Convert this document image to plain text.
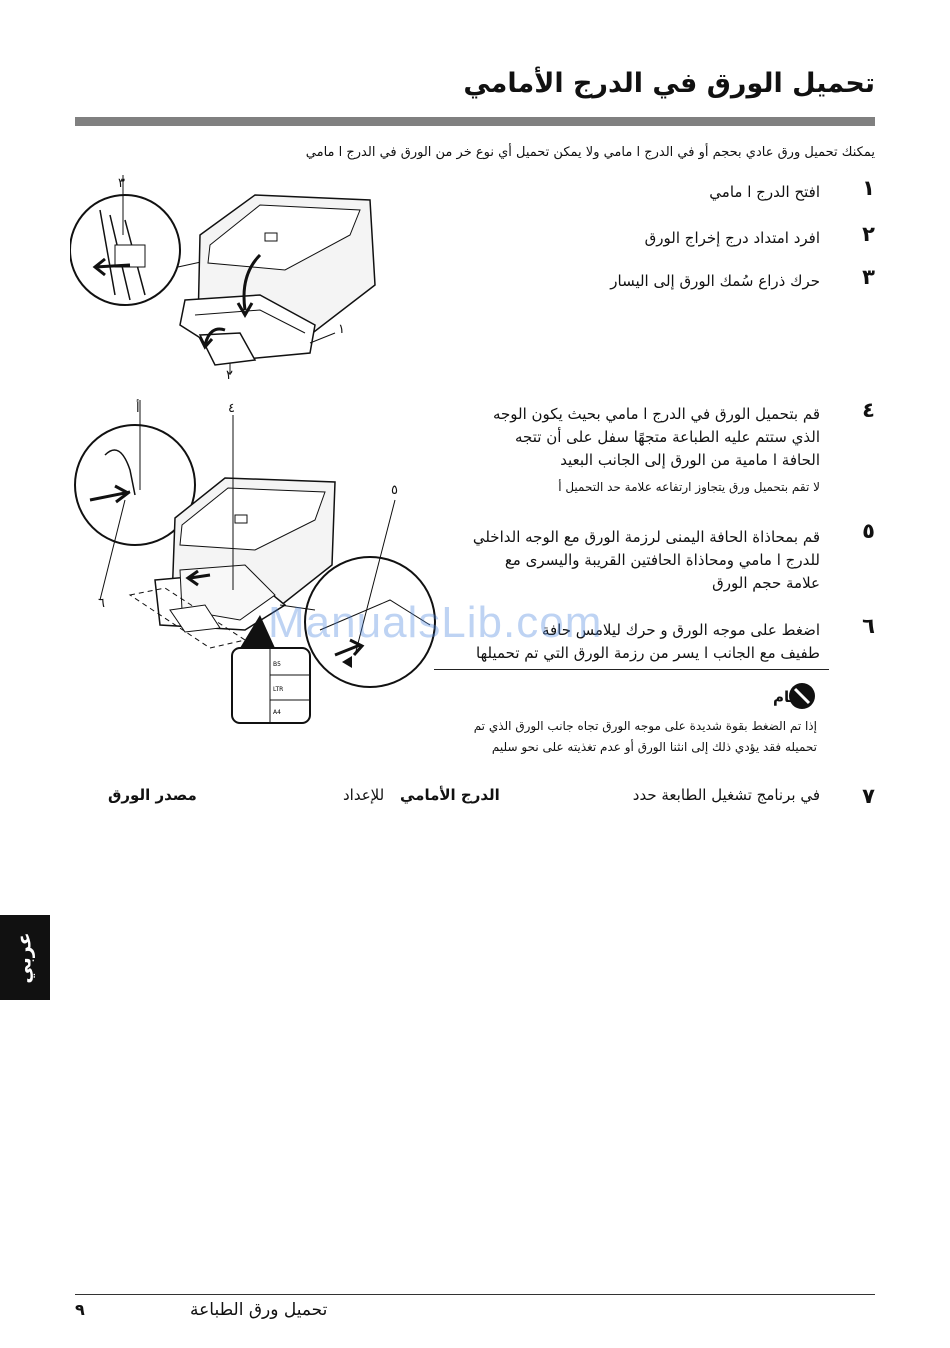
تحميل الورق في الدرج الأمامي
يمكنك تحميل ورق عادي بحجم أو في الدرج ا مامي ولا يمكن تحميل أي نوع خر من الورق في الدرج ا مامي
١
افتح الدرج ا مامي
٢
افرد امتداد درج إخراج الورق
٣
حرك ذراع سُمك الورق إلى اليسار
٣
١
٢
٤
قم بتحميل الورق في الدرج ا مامي بحيث يكون الوجه
الذي ستتم عليه الطباعة متجهًا سفل على أن تتجه
الحافة ا مامية من الورق إلى الجانب البعيد
لا تقم بتحميل ورق يتجاوز ارتفاعه علامة حد التحميل أ
٥
قم بمحاذاة الحافة اليمنى لرزمة الورق مع الوجه الداخلي
للدرج ا مامي ومحاذاة الحافتين القريبة واليسرى مع
علامة حجم الورق
٦
اضغط على موجه الورق و حرك ليلامس حافة
طفيف مع الجانب ا يسر من رزمة الورق التي تم تحميلها
B5
LTR
A4
أ	٤
٥
٦	ManualsLib.com
هام
إذا تم الضغط بقوة شديدة على موجه الورق تجاه جانب الورق الذي تم
تحميله فقد يؤدي ذلك إلى انثنا الورق أو عدم تغذيته على نحو سليم
٧
في برنامج تشغيل الطابعة حدد
الدرج الأمامي
للإعداد
مصدر الورق
عربي
٩	تحميل ورق الطباعة
